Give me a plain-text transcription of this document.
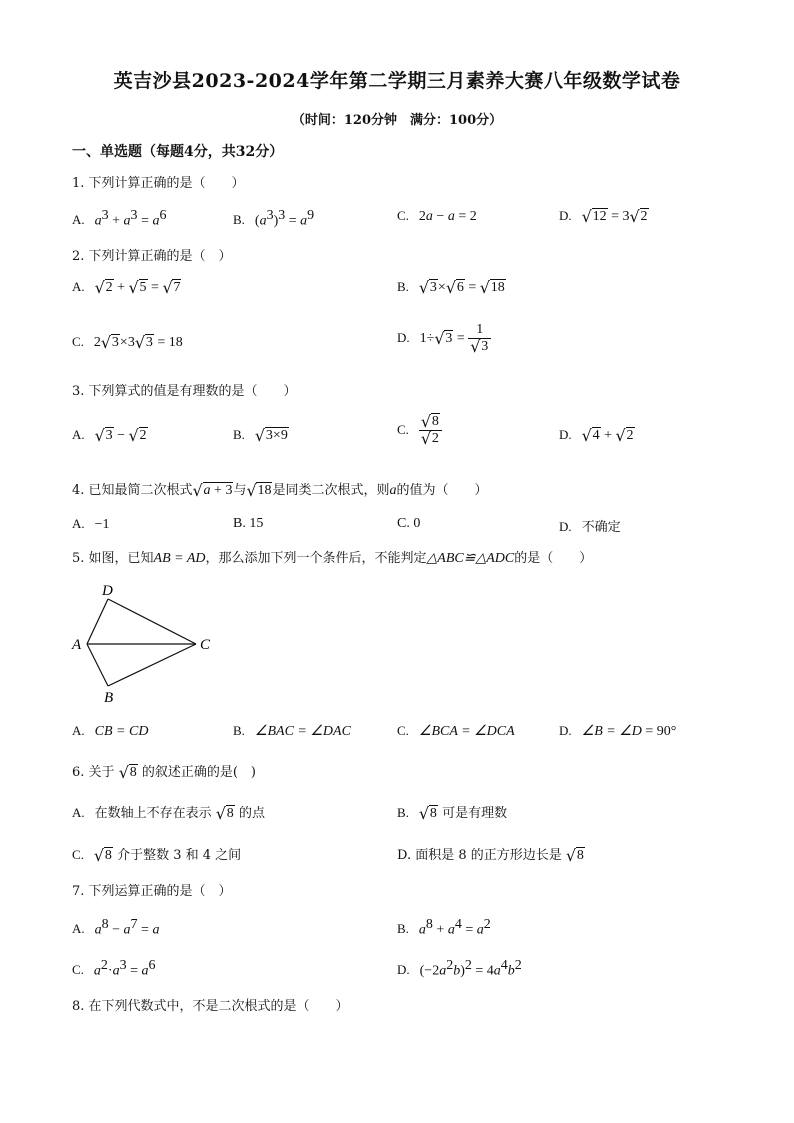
英吉沙县2023-2024学年第二学期三月素养大赛八年级数学试卷
（时间：120分钟　满分：100分）
一、单选题（每题4分，共32分）
1. 下列计算正确的是（　　）
A. $a^3 + a^3 = a^6$	B. $(a^3)^3 = a^9$	C. 2a − a = 2	D. √ 12 = 3 √ 2
2. 下列计算正确的是（　）
A. √ 2 + √ 5 = √ 7	B. √ 3× √ 6 = √ 18
C. 2 √ 3×3 √ 3 = 18	D. 1÷ √ 3 = 1
√ 3
3. 下列算式的值是有理数的是（　　）
A. √ 3 − √ 2	B. √ 3×9	C. √ 8
√ 2	D. √ 4 + √ 2
4. 已知最简二次根式 √ a + 3与 √ 18是同类二次根式，则a的值为（　　）
A. −1	B. 15	C. 0	D. 不确定
5. 如图，已知AB = AD，那么添加下列一个条件后，不能判定△ABC≌△ADC的是（　　）
D
A	C
B
A. CB = CD	B. ∠BAC = ∠DAC	C. ∠BCA = ∠DCA	D. ∠B = ∠D = 90°
6. 关于 √ 8 的叙述正确的是(　)
A. 在数轴上不存在表示 √ 8 的点	B. √ 8 可是有理数
C. √ 8 介于整数 3 和 4 之间	D. 面积是 8 的正方形边长是 √ 8
7. 下列运算正确的是（　）
A. $a^8 - a^7 = a$	B. $a^8 + a^4 = a^2$
C. $a^2\cdot a^3 = a^6$	D. $(-2a^2b)^2 = 4a^4b^2$
8. 在下列代数式中，不是二次根式的是（　　）
